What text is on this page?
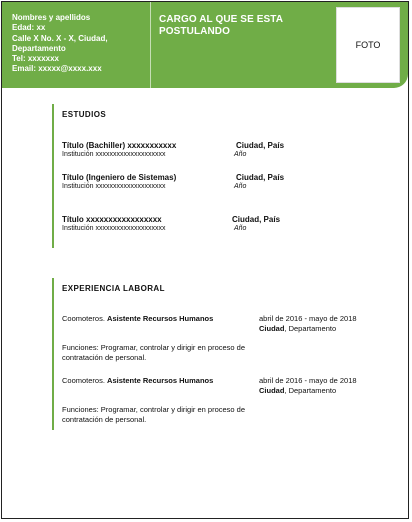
Nombres y apellidos
Edad: xx
Calle X No. X - X, Ciudad, Departamento
Tel: xxxxxxx
Email: xxxxx@xxxx.xxx
CARGO AL QUE SE ESTA POSTULANDO
FOTO
ESTUDIOS
Título (Bachiller) xxxxxxxxxxx	Ciudad, País
Institución xxxxxxxxxxxxxxxxxxxx	Año
Título (Ingeniero de Sistemas)	Ciudad, País
Institución xxxxxxxxxxxxxxxxxxxx	Año
Título xxxxxxxxxxxxxxxxx	Ciudad, País
Institución xxxxxxxxxxxxxxxxxxxx	Año
EXPERIENCIA LABORAL
Coomoteros. Asistente Recursos Humanos	abril de 2016 - mayo de 2018
Ciudad, Departamento
Funciones: Programar, controlar y dirigir en proceso de contratación de personal.
Coomoteros. Asistente Recursos Humanos	abril de 2016 - mayo de 2018
Ciudad, Departamento
Funciones: Programar, controlar y dirigir en proceso de contratación de personal.
